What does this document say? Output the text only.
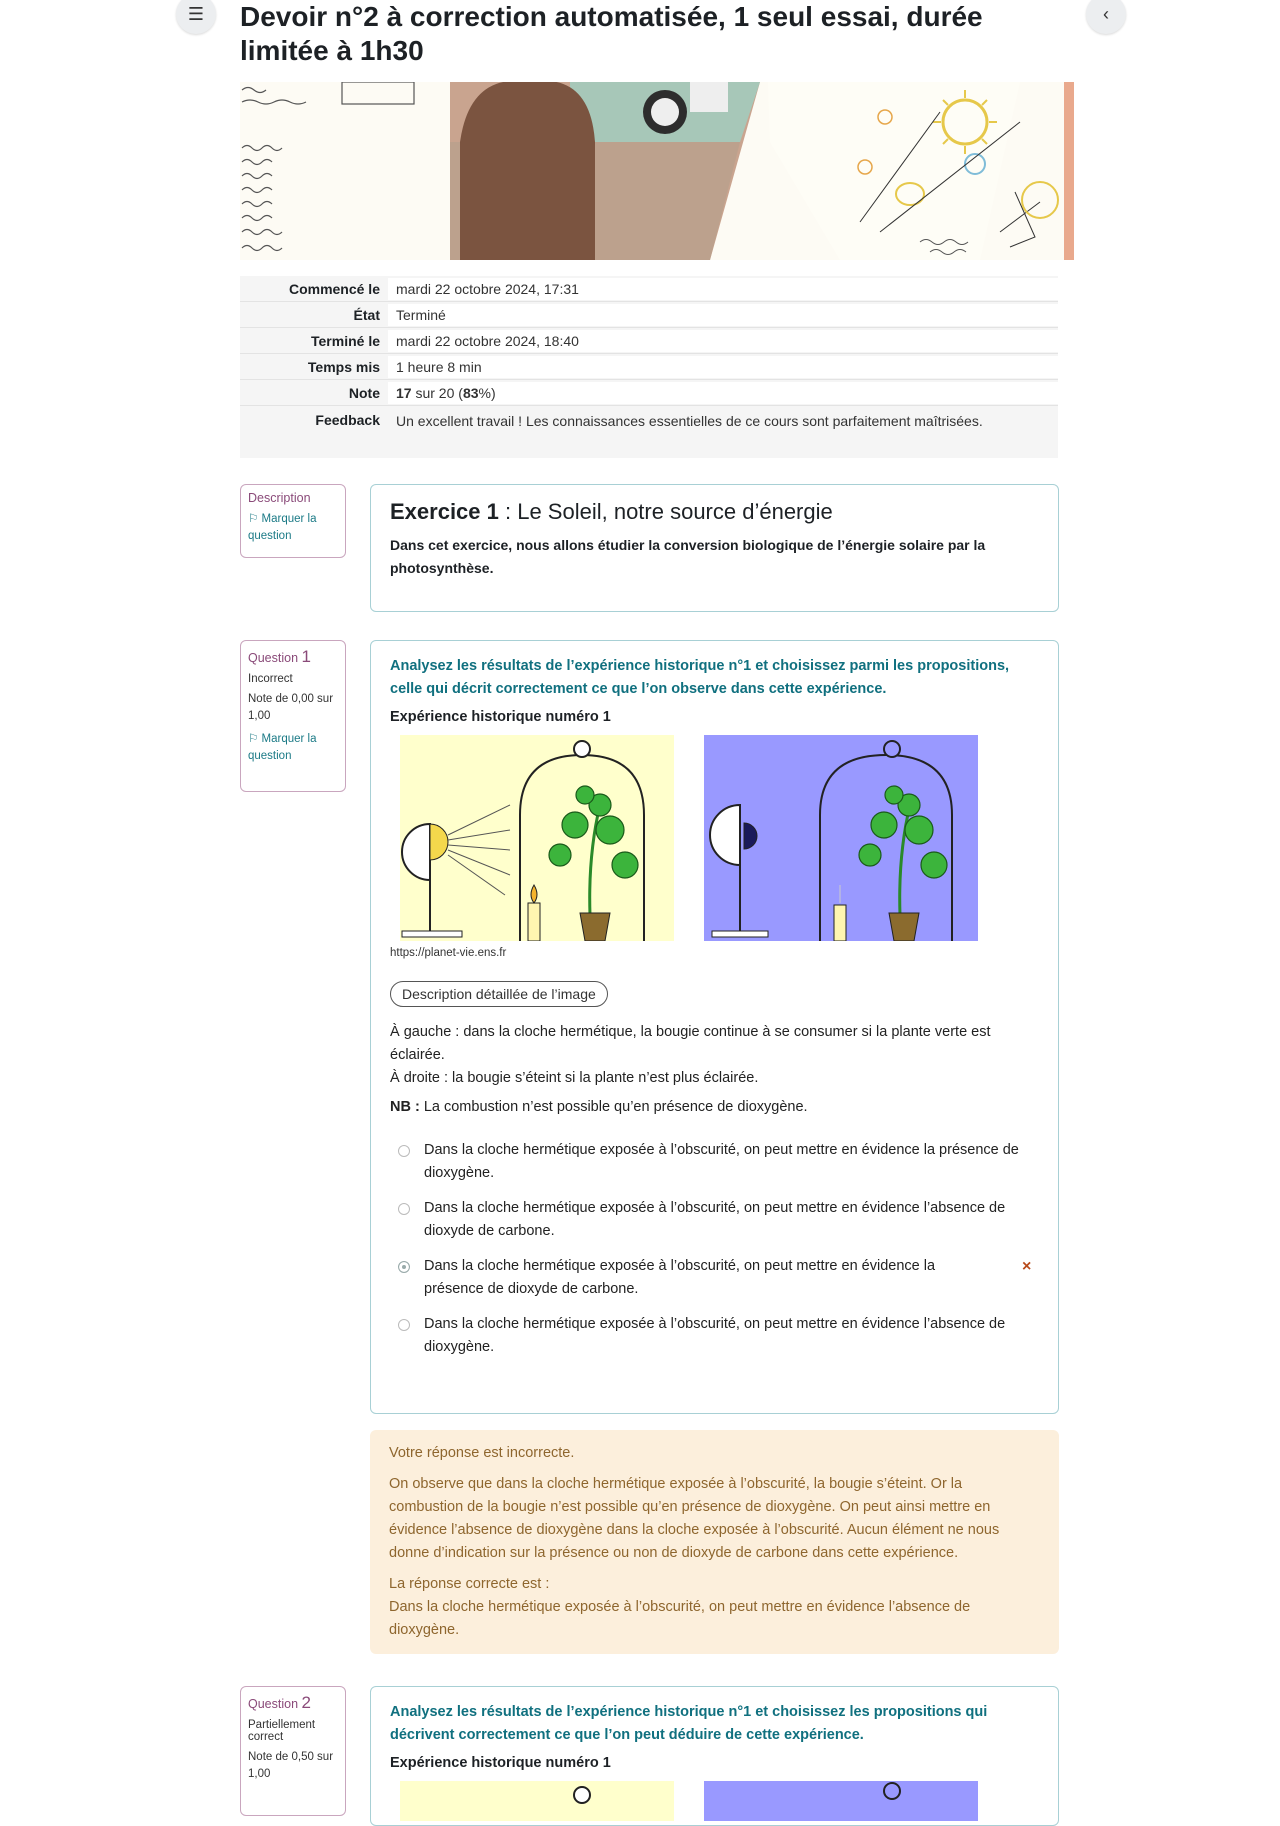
☰	‹
Devoir n°2 à correction automatisée, 1 seul essai, durée limitée à 1h30
Commencé le	mardi 22 octobre 2024, 17:31
État	Terminé
Terminé le	mardi 22 octobre 2024, 18:40
Temps mis	1 heure 8 min
Note	17 sur 20 (83%)
Feedback	Un excellent travail ! Les connaissances essentielles de ce cours sont parfaitement maîtrisées.
Description
⚐ Marquer la question
Exercice 1 : Le Soleil, notre source d’énergie
Dans cet exercice, nous allons étudier la conversion biologique de l’énergie solaire par la photosynthèse.
Question 1
Incorrect
Note de 0,00 sur 1,00
⚐ Marquer la question
Analysez les résultats de l’expérience historique n°1 et choisissez parmi les propositions, celle qui décrit correctement ce que l’on observe dans cette expérience.
Expérience historique numéro 1
https://planet-vie.ens.fr
Description détaillée de l’image

À gauche : dans la cloche hermétique, la bougie continue à se consumer si la plante verte est éclairée.

À droite : la bougie s’éteint si la plante n’est plus éclairée.

NB : La combustion n’est possible qu’en présence de dioxygène.

Dans la cloche hermétique exposée à l’obscurité, on peut mettre en évidence la présence de dioxygène.
Dans la cloche hermétique exposée à l’obscurité, on peut mettre en évidence l’absence de dioxyde de carbone.
Dans la cloche hermétique exposée à l’obscurité, on peut mettre en évidence la présence de dioxyde de carbone.
×
Dans la cloche hermétique exposée à l’obscurité, on peut mettre en évidence l’absence de dioxygène.

Votre réponse est incorrecte.

On observe que dans la cloche hermétique exposée à l’obscurité, la bougie s’éteint. Or la combustion de la bougie n’est possible qu’en présence de dioxygène. On peut ainsi mettre en évidence l’absence de dioxygène dans la cloche exposée à l’obscurité. Aucun élément ne nous donne d’indication sur la présence ou non de dioxyde de carbone dans cette expérience.

La réponse correcte est :
Dans la cloche hermétique exposée à l’obscurité, on peut mettre en évidence l’absence de dioxygène.
Question 2
Partiellement correct
Note de 0,50 sur 1,00
Analysez les résultats de l’expérience historique n°1 et choisissez les propositions qui décrivent correctement ce que l’on peut déduire de cette expérience.
Expérience historique numéro 1
